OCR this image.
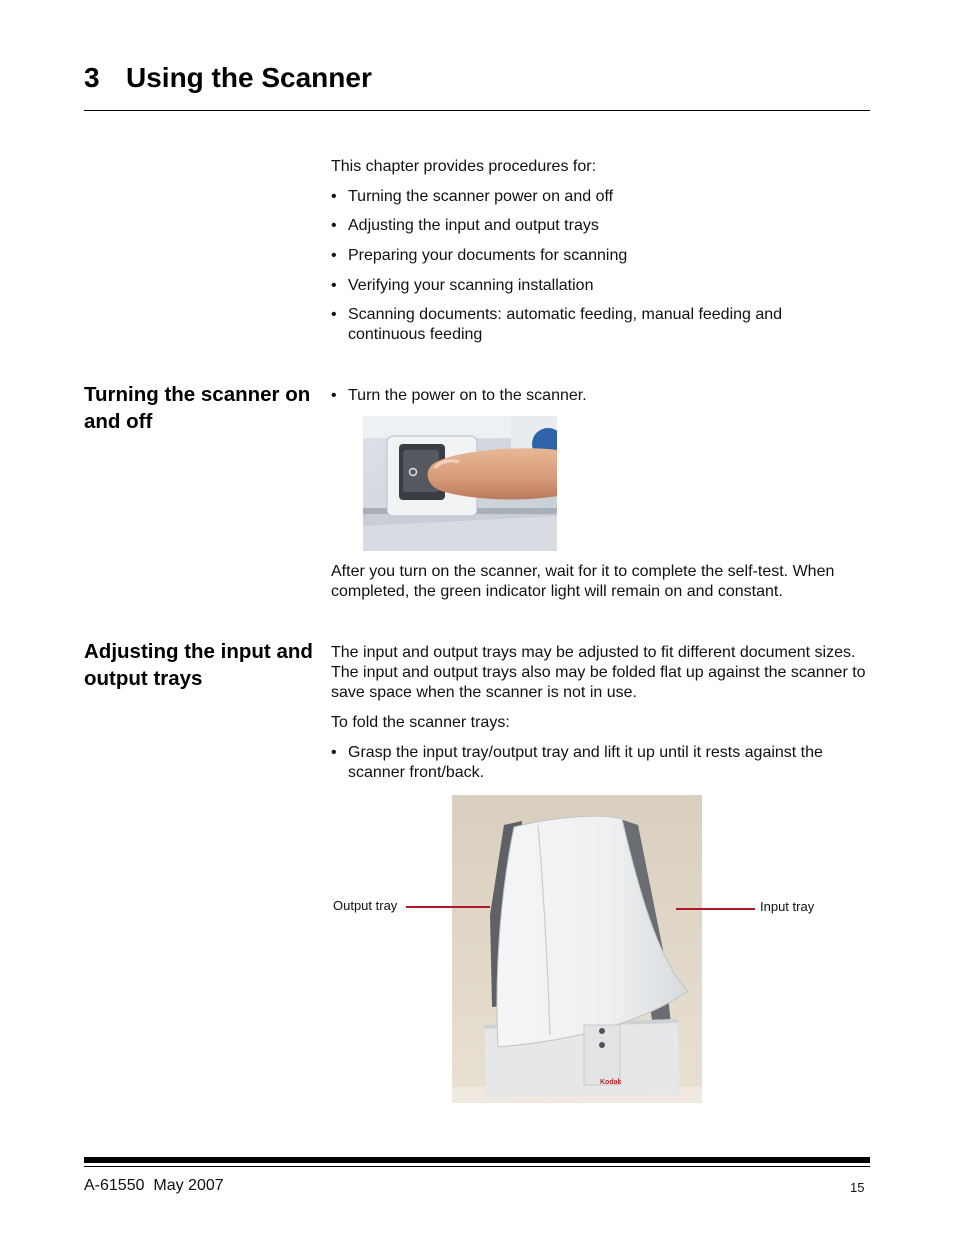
3 Using the Scanner
This chapter provides procedures for:
• Turning the scanner power on and off
• Adjusting the input and output trays
• Preparing your documents for scanning
• Verifying your scanning installation
• Scanning documents: automatic feeding, manual feeding and continuous feeding
Turning the scanner on and off
• Turn the power on to the scanner.
After you turn on the scanner, wait for it to complete the self-test. When completed, the green indicator light will remain on and constant.
Adjusting the input and output trays
The input and output trays may be adjusted to fit different document sizes. The input and output trays also may be folded flat up against the scanner to save space when the scanner is not in use.
To fold the scanner trays:
• Grasp the input tray/output tray and lift it up until it rests against the scanner front/back.
Kodak
Output tray	Input tray
A-61550  May 2007	15
